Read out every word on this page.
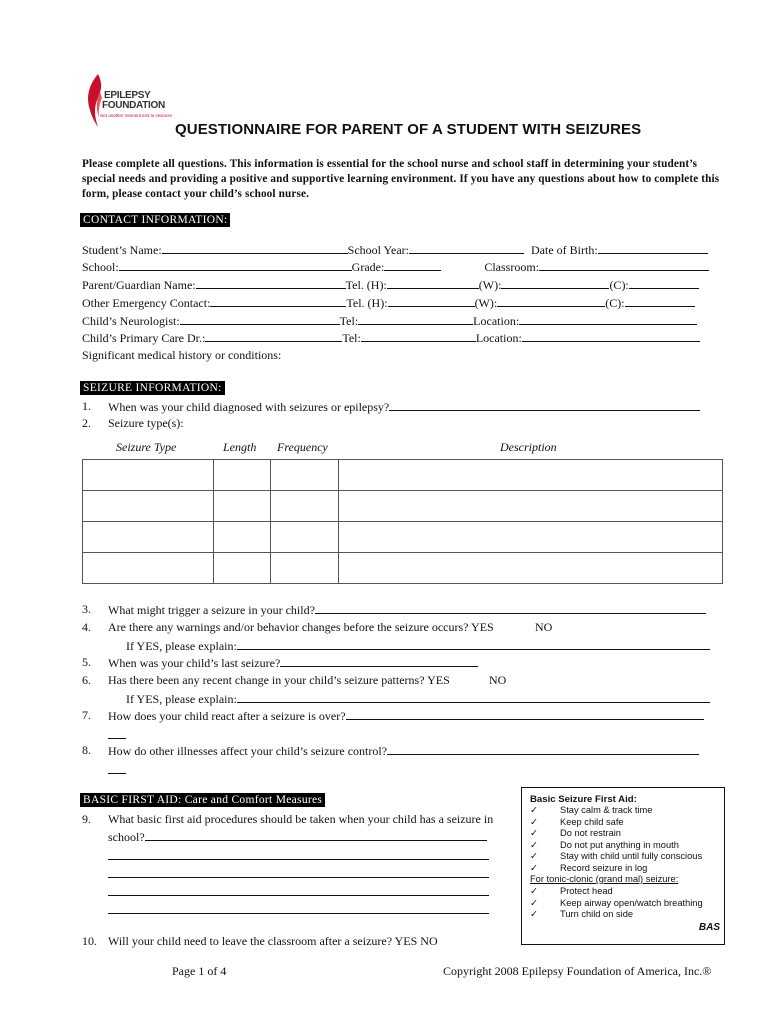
EPILEPSY
FOUNDATION
Not another moment lost to seizures
QUESTIONNAIRE FOR PARENT OF A STUDENT WITH SEIZURES
Please complete all questions. This information is essential for the school nurse and school staff in determining your student’s special needs and providing a positive and supportive learning environment. If you have any questions about how to complete this form, please contact your child’s school nurse.
CONTACT INFORMATION:
Student’s Name:	School Year:	Date of Birth:
School:	Grade:	Classroom:
Parent/Guardian Name:	Tel. (H):	(W):	(C):
Other Emergency Contact:	Tel. (H):	(W):	(C):
Child’s Neurologist:	Tel:	Location:
Child’s Primary Care Dr.:	Tel:	Location:
Significant medical history or conditions:
SEIZURE INFORMATION:
1. When was your child diagnosed with seizures or epilepsy?
2. Seizure type(s):
Seizure Type	Length Frequency	Description

3. What might trigger a seizure in your child?
4. Are there any warnings and/or behavior changes before the seizure occurs? YES	NO
If YES, please explain:
5. When was your child’s last seizure?
6. Has there been any recent change in your child’s seizure patterns? YES	NO
If YES, please explain:
7. How does your child react after a seizure is over?
8. How do other illnesses affect your child’s seizure control?
BASIC FIRST AID: Care and Comfort Measures
9. What basic first aid procedures should be taken when your child has a seizure in
school?
10. Will your child need to leave the classroom after a seizure? YES NO
Basic Seizure First Aid:
✓ Stay calm & track time
✓ Keep child safe
✓ Do not restrain
✓ Do not put anything in mouth
✓ Stay with child until fully conscious
✓ Record seizure in log
For tonic-clonic (grand mal) seizure:
✓ Protect head
✓ Keep airway open/watch breathing
✓ Turn child on side
BAS
Page 1 of 4	Copyright 2008 Epilepsy Foundation of America, Inc.®
